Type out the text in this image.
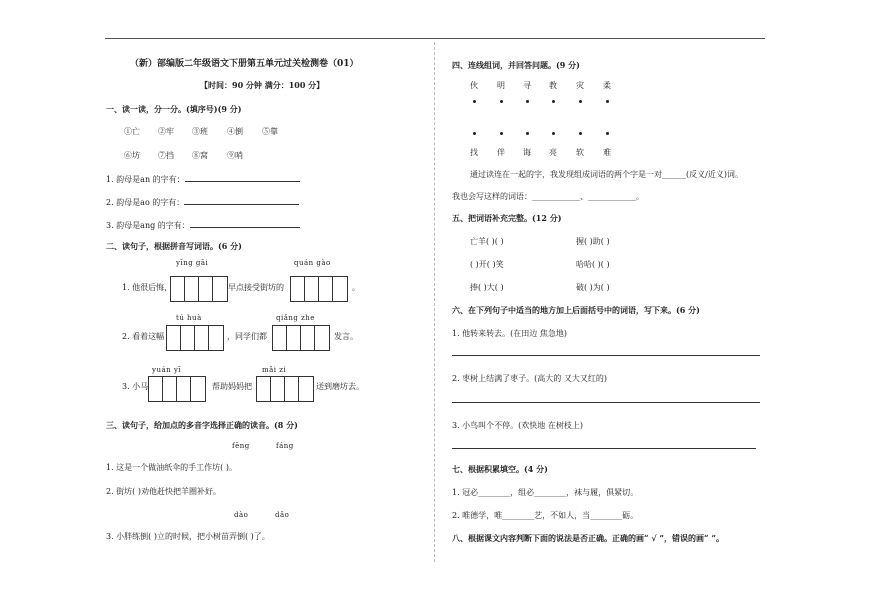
（新）部编版二年级语文下册第五单元过关检测卷（01）
【时间：90 分钟 满分：100 分】
一、读一读，分一分。(填序号)(9 分)
①亡 ②牢 ③班 ④倒 ⑤靠
⑥坊 ⑦挡 ⑧窝 ⑨哨
1. 韵母是an 的字有：
2. 韵母是ao 的字有：
3. 韵母是ang 的字有：
二、读句子，根据拼音写词语。(6 分)
yīng gāi	quán gào
1. 他很后悔，	早点接受街坊的	。
tú huà	qiǎng zhe
2. 看着这幅	，同学们都	发言。
yuán yī	mǎi zi
3. 小马	帮助妈妈把	送到磨坊去。
三、读句子，给加点的多音字选择正确的读音。(8 分)
fēng	fáng
1. 这是一个做油纸伞的手工作坊( )。
2. 街坊( )劝他赶快把羊圈补好。
dào	dǎo
3. 小胖练倒( )立的时候，把小树苗弄倒( )了。
四、连线组词，并回答问题。(9 分)
伙 明 寻 教 灾 柔
找 伴 诲 亮 软 难
通过读连在一起的字，我发现组成词语的两个字是一对______(反义/近义)词。
我也会写这样的词语：____________、____________。
五、把词语补充完整。(12 分)
亡羊( )( )	握( )助( )
( )开( )笑	哈哈( )( )
捧( )大( )	破( )为( )
六、在下列句子中适当的地方加上后面括号中的词语，写下来。(6 分)
1. 他转来转去。(在田边 焦急地)
2. 枣树上结满了枣子。(高大的 又大又红的)
3. 小鸟叫个不停。(欢快地 在树枝上)
七、根据积累填空。(4 分)
1. 冠必________，组必________，袜与履，俱紧切。
2. 唯德学，唯________艺，不如人，当________砺。
八、根据课文内容判断下面的说法是否正确。正确的画“ √ ”，错误的画“ ”。
